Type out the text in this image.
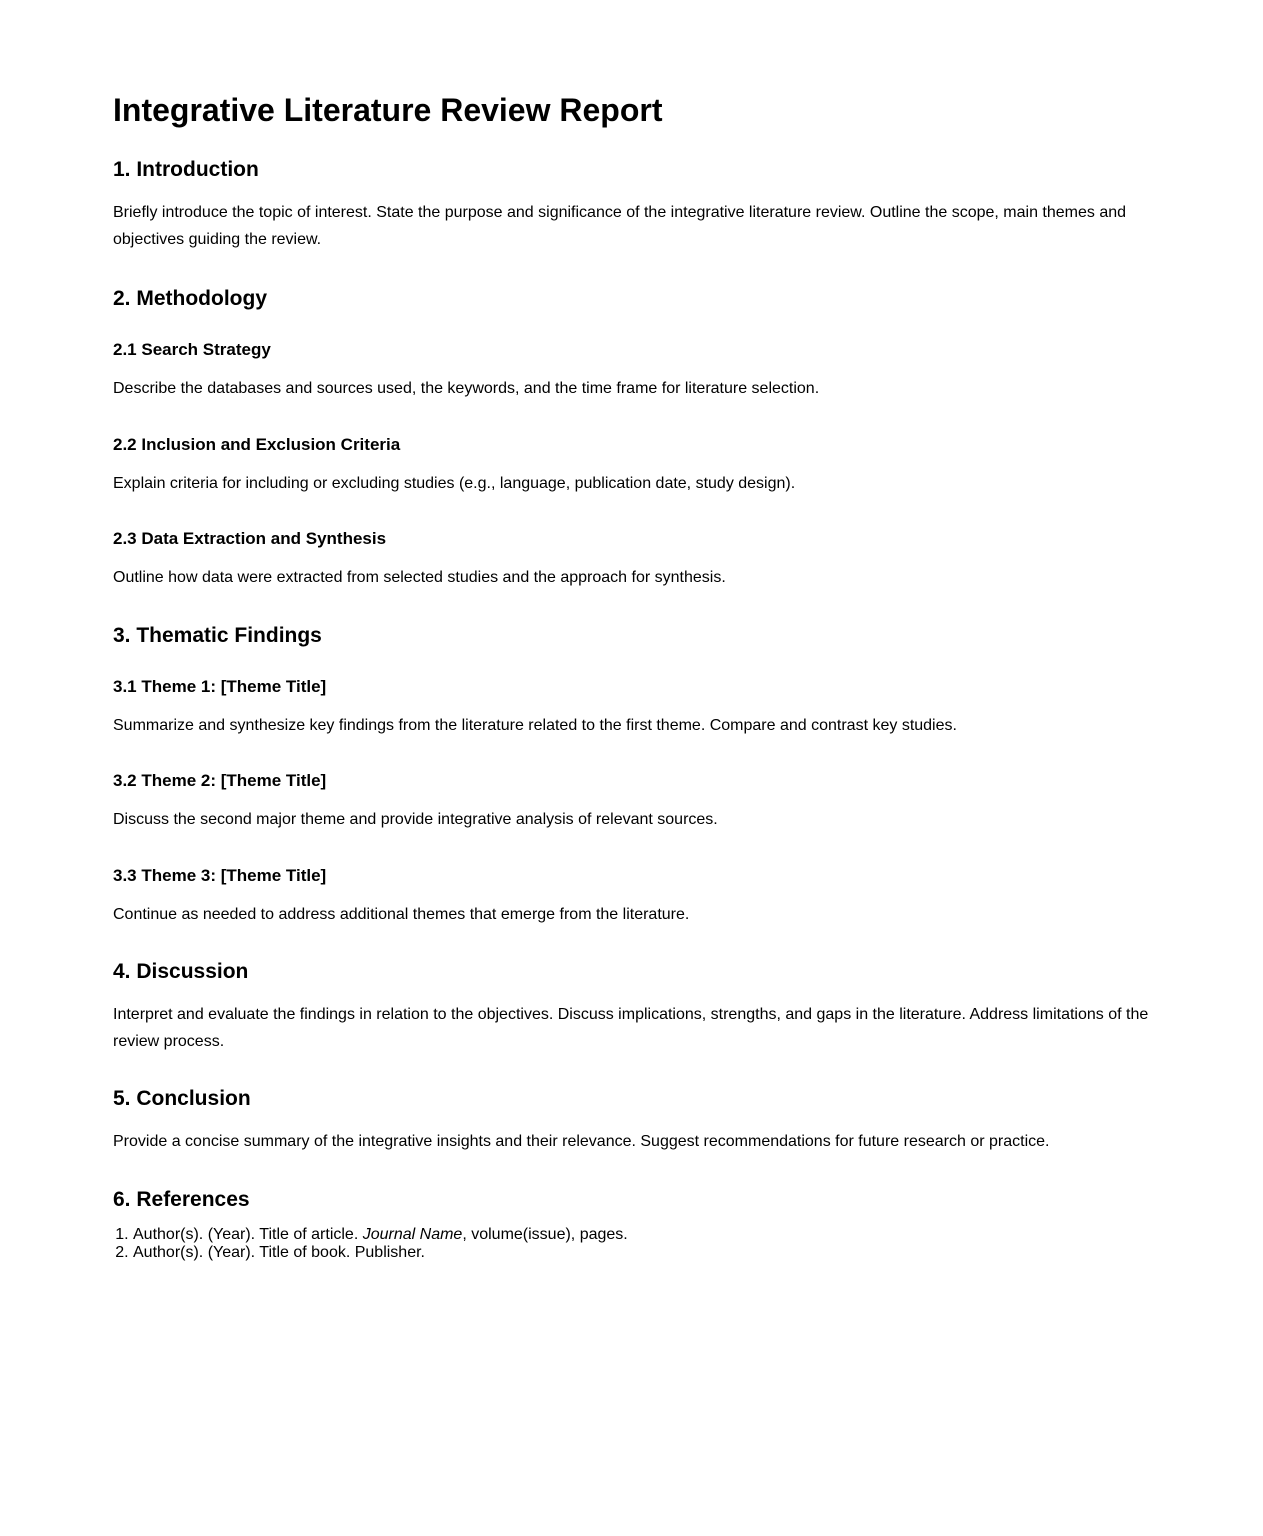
Integrative Literature Review Report
1. Introduction

Briefly introduce the topic of interest. State the purpose and significance of the integrative literature review. Outline the scope, main themes and objectives guiding the review.

2. Methodology
2.1 Search Strategy

Describe the databases and sources used, the keywords, and the time frame for literature selection.

2.2 Inclusion and Exclusion Criteria

Explain criteria for including or excluding studies (e.g., language, publication date, study design).

2.3 Data Extraction and Synthesis

Outline how data were extracted from selected studies and the approach for synthesis.

3. Thematic Findings
3.1 Theme 1: [Theme Title]

Summarize and synthesize key findings from the literature related to the first theme. Compare and contrast key studies.

3.2 Theme 2: [Theme Title]

Discuss the second major theme and provide integrative analysis of relevant sources.

3.3 Theme 3: [Theme Title]

Continue as needed to address additional themes that emerge from the literature.

4. Discussion

Interpret and evaluate the findings in relation to the objectives. Discuss implications, strengths, and gaps in the literature. Address limitations of the review process.

5. Conclusion

Provide a concise summary of the integrative insights and their relevance. Suggest recommendations for future research or practice.

6. References
1. Author(s). (Year). Title of article. Journal Name, volume(issue), pages.
2. Author(s). (Year). Title of book. Publisher.
